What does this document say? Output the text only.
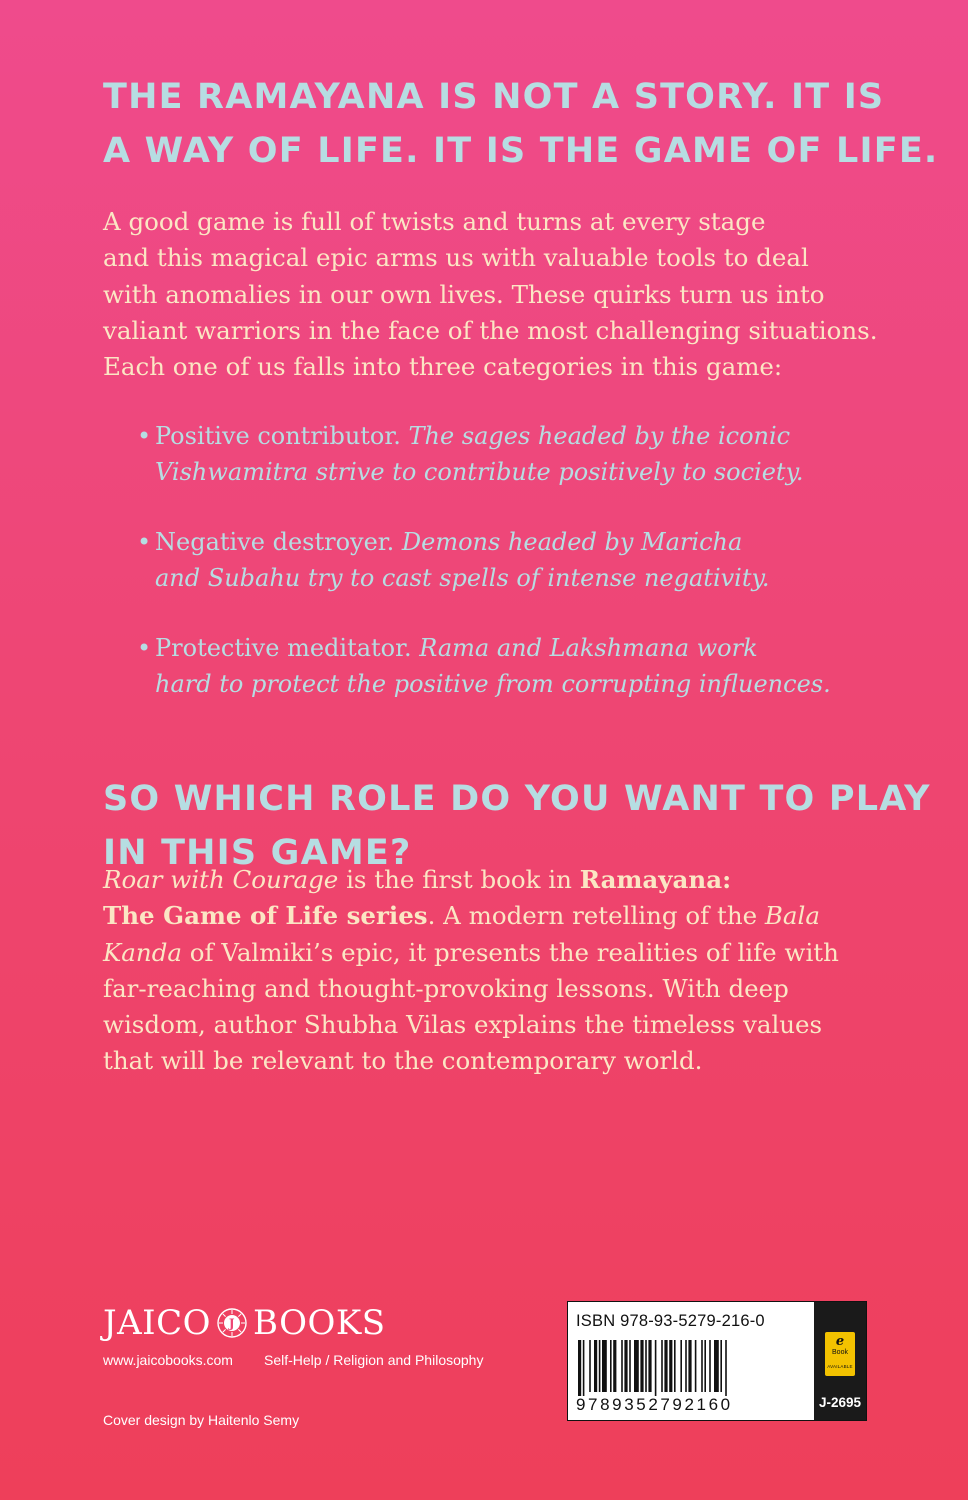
THE RAMAYANA IS NOT A STORY. IT IS
A WAY OF LIFE. IT IS THE GAME OF LIFE.

A good game is full of twists and turns at every stage
and this magical epic arms us with valuable tools to deal
with anomalies in our own lives. These quirks turn us into
valiant warriors in the face of the most challenging situations.
Each one of us falls into three categories in this game:

• Positive contributor. The sages headed by the iconic
Vishwamitra strive to contribute positively to society.
• Negative destroyer. Demons headed by Maricha
and Subahu try to cast spells of intense negativity.
• Protective meditator. Rama and Lakshmana work
hard to protect the positive from corrupting influences.
SO WHICH ROLE DO YOU WANT TO PLAY
IN THIS GAME?

Roar with Courage is the first book in Ramayana:
The Game of Life series. A modern retelling of the Bala
Kanda of Valmiki’s epic, it presents the realities of life with
far-reaching and thought-provoking lessons. With deep
wisdom, author Shubha Vilas explains the timeless values
that will be relevant to the contemporary world.

JAICO J BOOKS
www.jaicobooks.com Self-Help / Religion and Philosophy
Cover design by Haitenlo Semy
ISBN 978-93-5279-216-0
9789352792160
e
Book
AVAILABLE
J-2695
